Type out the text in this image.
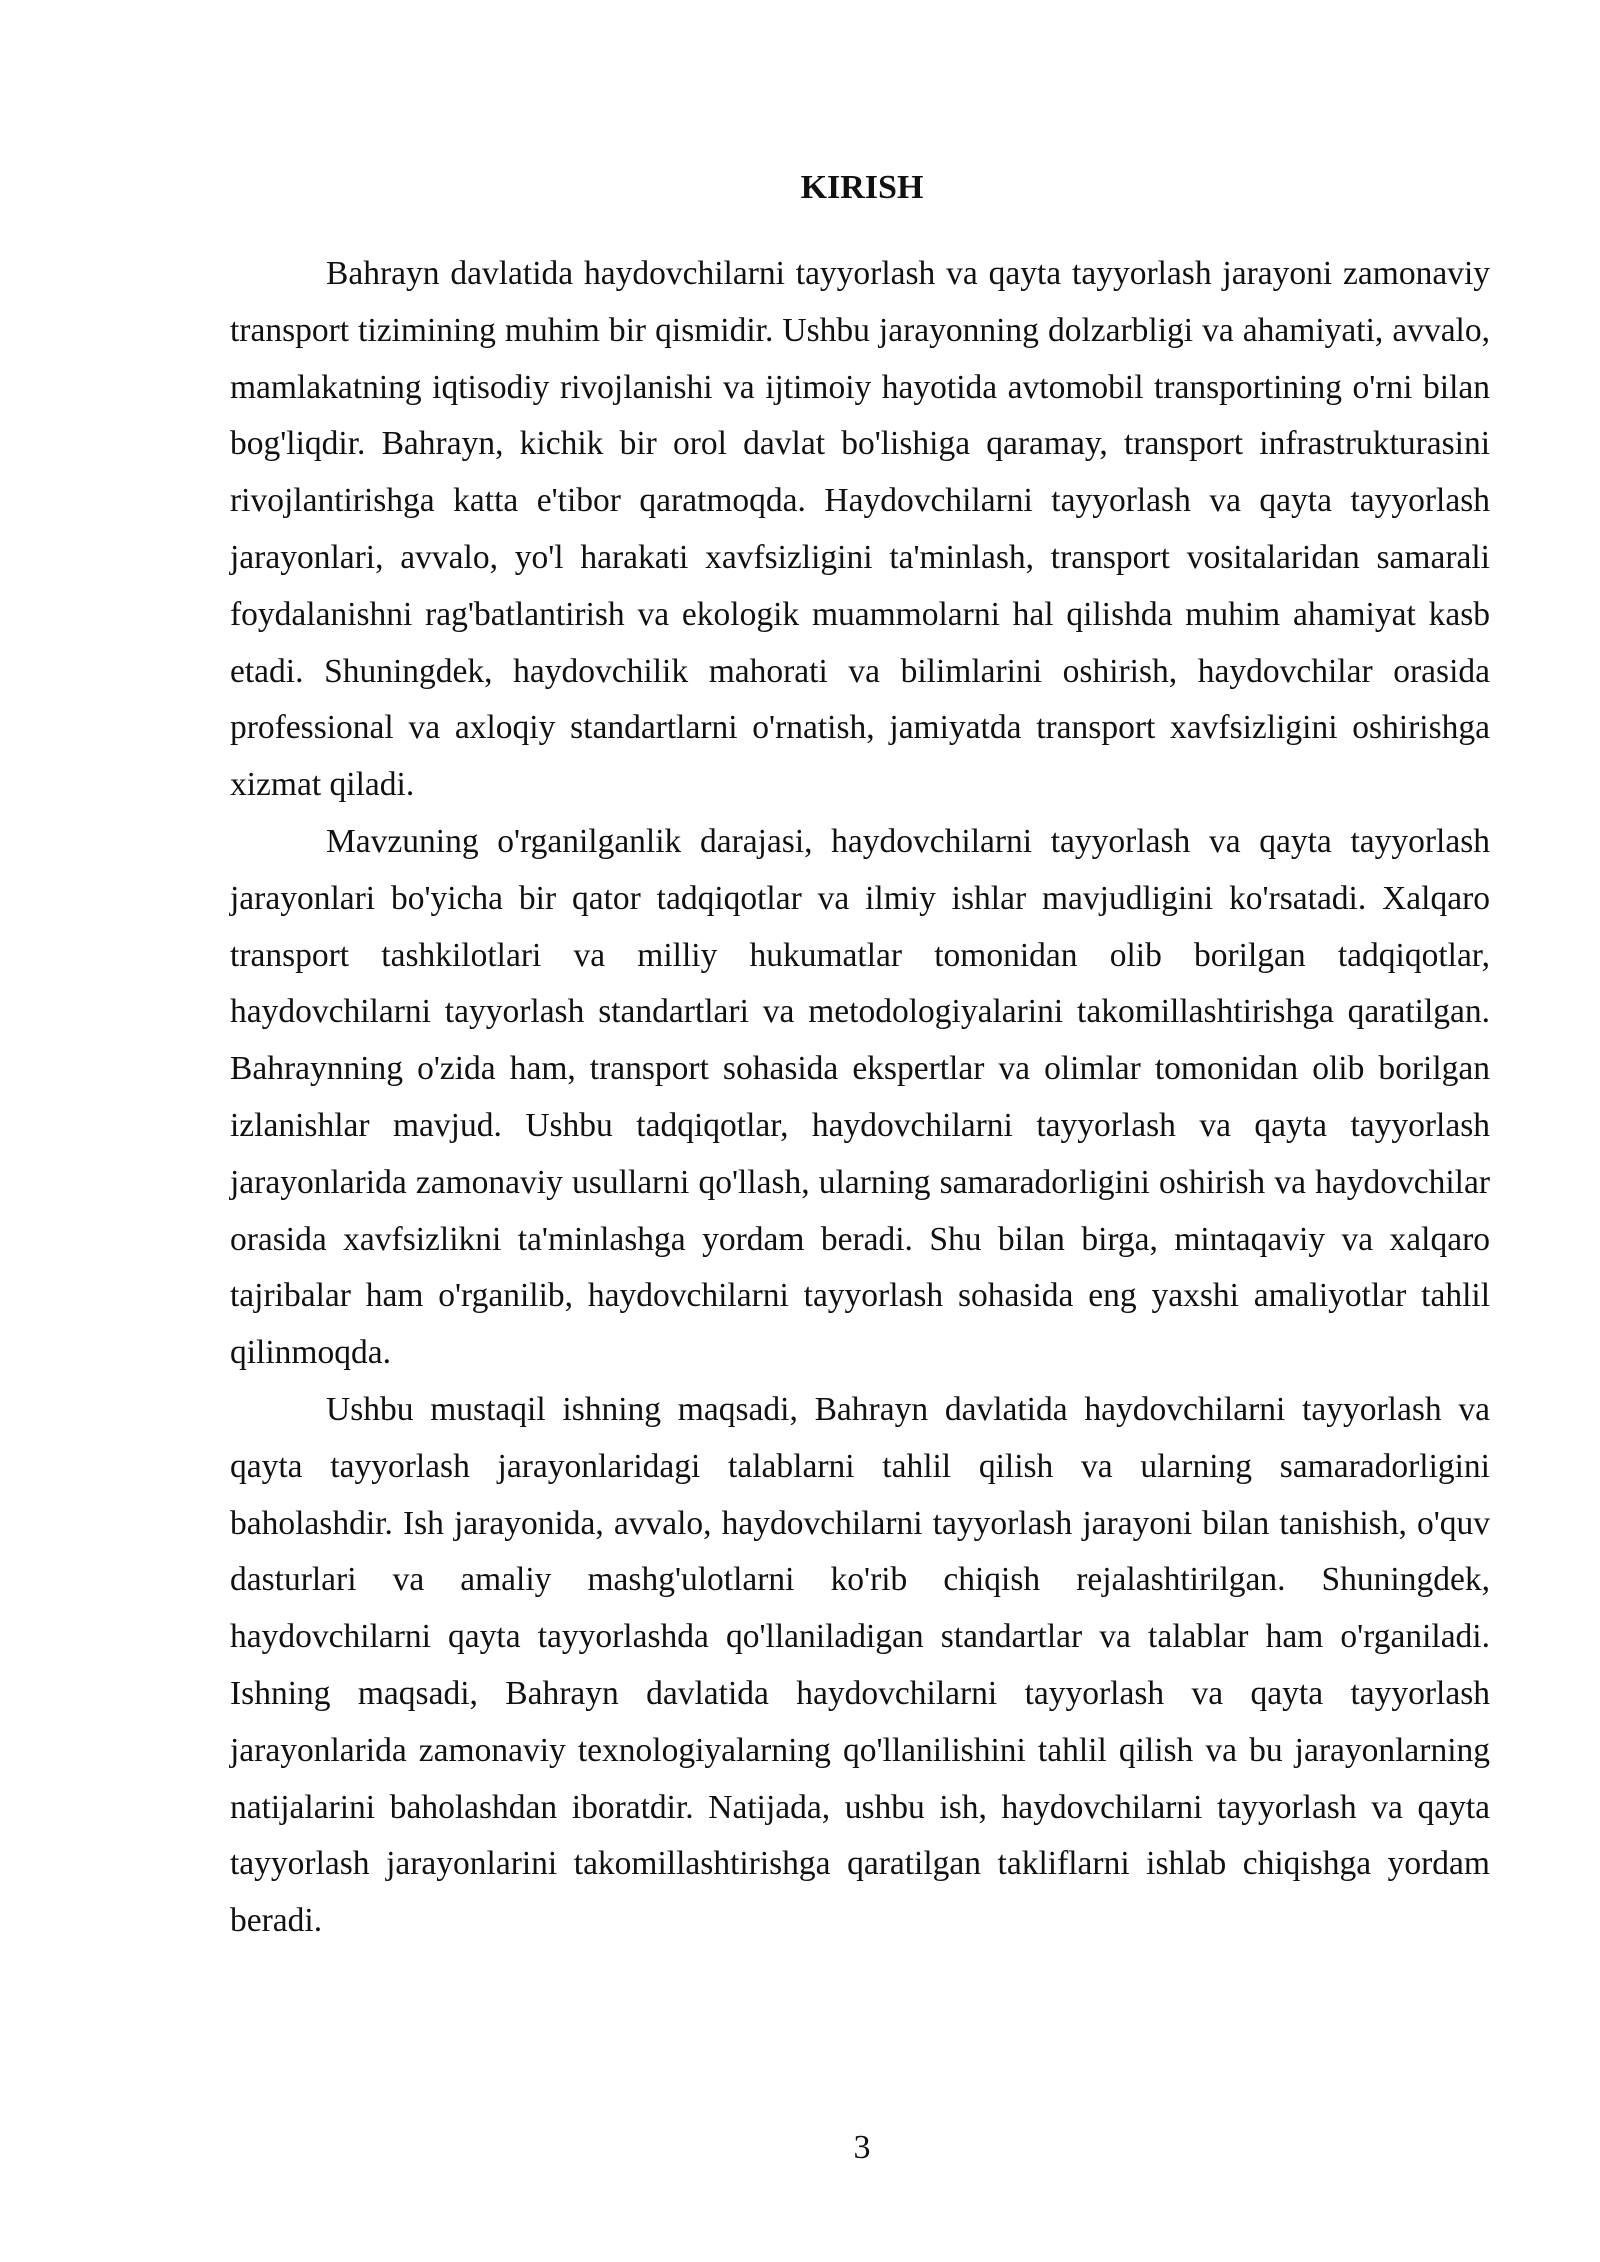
KIRISH

Bahrayn davlatida haydovchilarni tayyorlash va qayta tayyorlash jarayoni zamonaviy transport tizimining muhim bir qismidir. Ushbu jarayonning dolzarbligi va ahamiyati, avvalo, mamlakatning iqtisodiy rivojlanishi va ijtimoiy hayotida avtomobil transportining o'rni bilan bog'liqdir. Bahrayn, kichik bir orol davlat bo'lishiga qaramay, transport infrastrukturasini rivojlantirishga katta e'tibor qaratmoqda. Haydovchilarni tayyorlash va qayta tayyorlash jarayonlari, avvalo, yo'l harakati xavfsizligini ta'minlash, transport vositalaridan samarali foydalanishni rag'batlantirish va ekologik muammolarni hal qilishda muhim ahamiyat kasb etadi. Shuningdek, haydovchilik mahorati va bilimlarini oshirish, haydovchilar orasida professional va axloqiy standartlarni o'rnatish, jamiyatda transport xavfsizligini oshirishga xizmat qiladi.

Mavzuning o'rganilganlik darajasi, haydovchilarni tayyorlash va qayta tayyorlash jarayonlari bo'yicha bir qator tadqiqotlar va ilmiy ishlar mavjudligini ko'rsatadi. Xalqaro transport tashkilotlari va milliy hukumatlar tomonidan olib borilgan tadqiqotlar, haydovchilarni tayyorlash standartlari va metodologiyalarini takomillashtirishga qaratilgan. Bahraynning o'zida ham, transport sohasida ekspertlar va olimlar tomonidan olib borilgan izlanishlar mavjud. Ushbu tadqiqotlar, haydovchilarni tayyorlash va qayta tayyorlash jarayonlarida zamonaviy usullarni qo'llash, ularning samaradorligini oshirish va haydovchilar orasida xavfsizlikni ta'minlashga yordam beradi. Shu bilan birga, mintaqaviy va xalqaro tajribalar ham o'rganilib, haydovchilarni tayyorlash sohasida eng yaxshi amaliyotlar tahlil qilinmoqda.

Ushbu mustaqil ishning maqsadi, Bahrayn davlatida haydovchilarni tayyorlash va qayta tayyorlash jarayonlaridagi talablarni tahlil qilish va ularning samaradorligini baholashdir. Ish jarayonida, avvalo, haydovchilarni tayyorlash jarayoni bilan tanishish, o'quv dasturlari va amaliy mashg'ulotlarni ko'rib chiqish rejalashtirilgan. Shuningdek, haydovchilarni qayta tayyorlashda qo'llaniladigan standartlar va talablar ham o'rganiladi. Ishning maqsadi, Bahrayn davlatida haydovchilarni tayyorlash va qayta tayyorlash jarayonlarida zamonaviy texnologiyalarning qo'llanilishini tahlil qilish va bu jarayonlarning natijalarini baholashdan iboratdir. Natijada, ushbu ish, haydovchilarni tayyorlash va qayta tayyorlash jarayonlarini takomillashtirishga qaratilgan takliflarni ishlab chiqishga yordam beradi.

3
